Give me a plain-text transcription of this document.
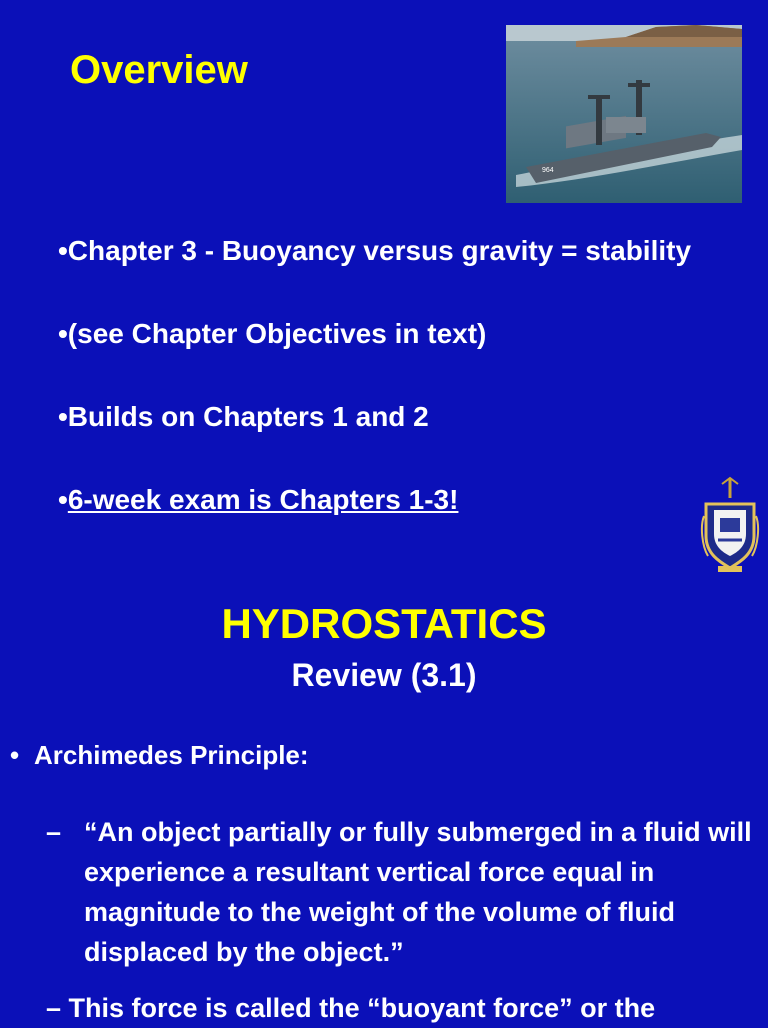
Overview
964

•Chapter 3 - Buoyancy versus gravity = stability

•(see Chapter Objectives in text)

•Builds on Chapters 1 and 2

•6-week exam is Chapters 1-3!

HYDROSTATICS
Review (3.1)
• Archimedes Principle:
– “An object partially or fully submerged in a fluid will experience a resultant vertical force equal in magnitude to the weight of the volume of fluid displaced by the object.”
– This force is called the “buoyant force” or the
